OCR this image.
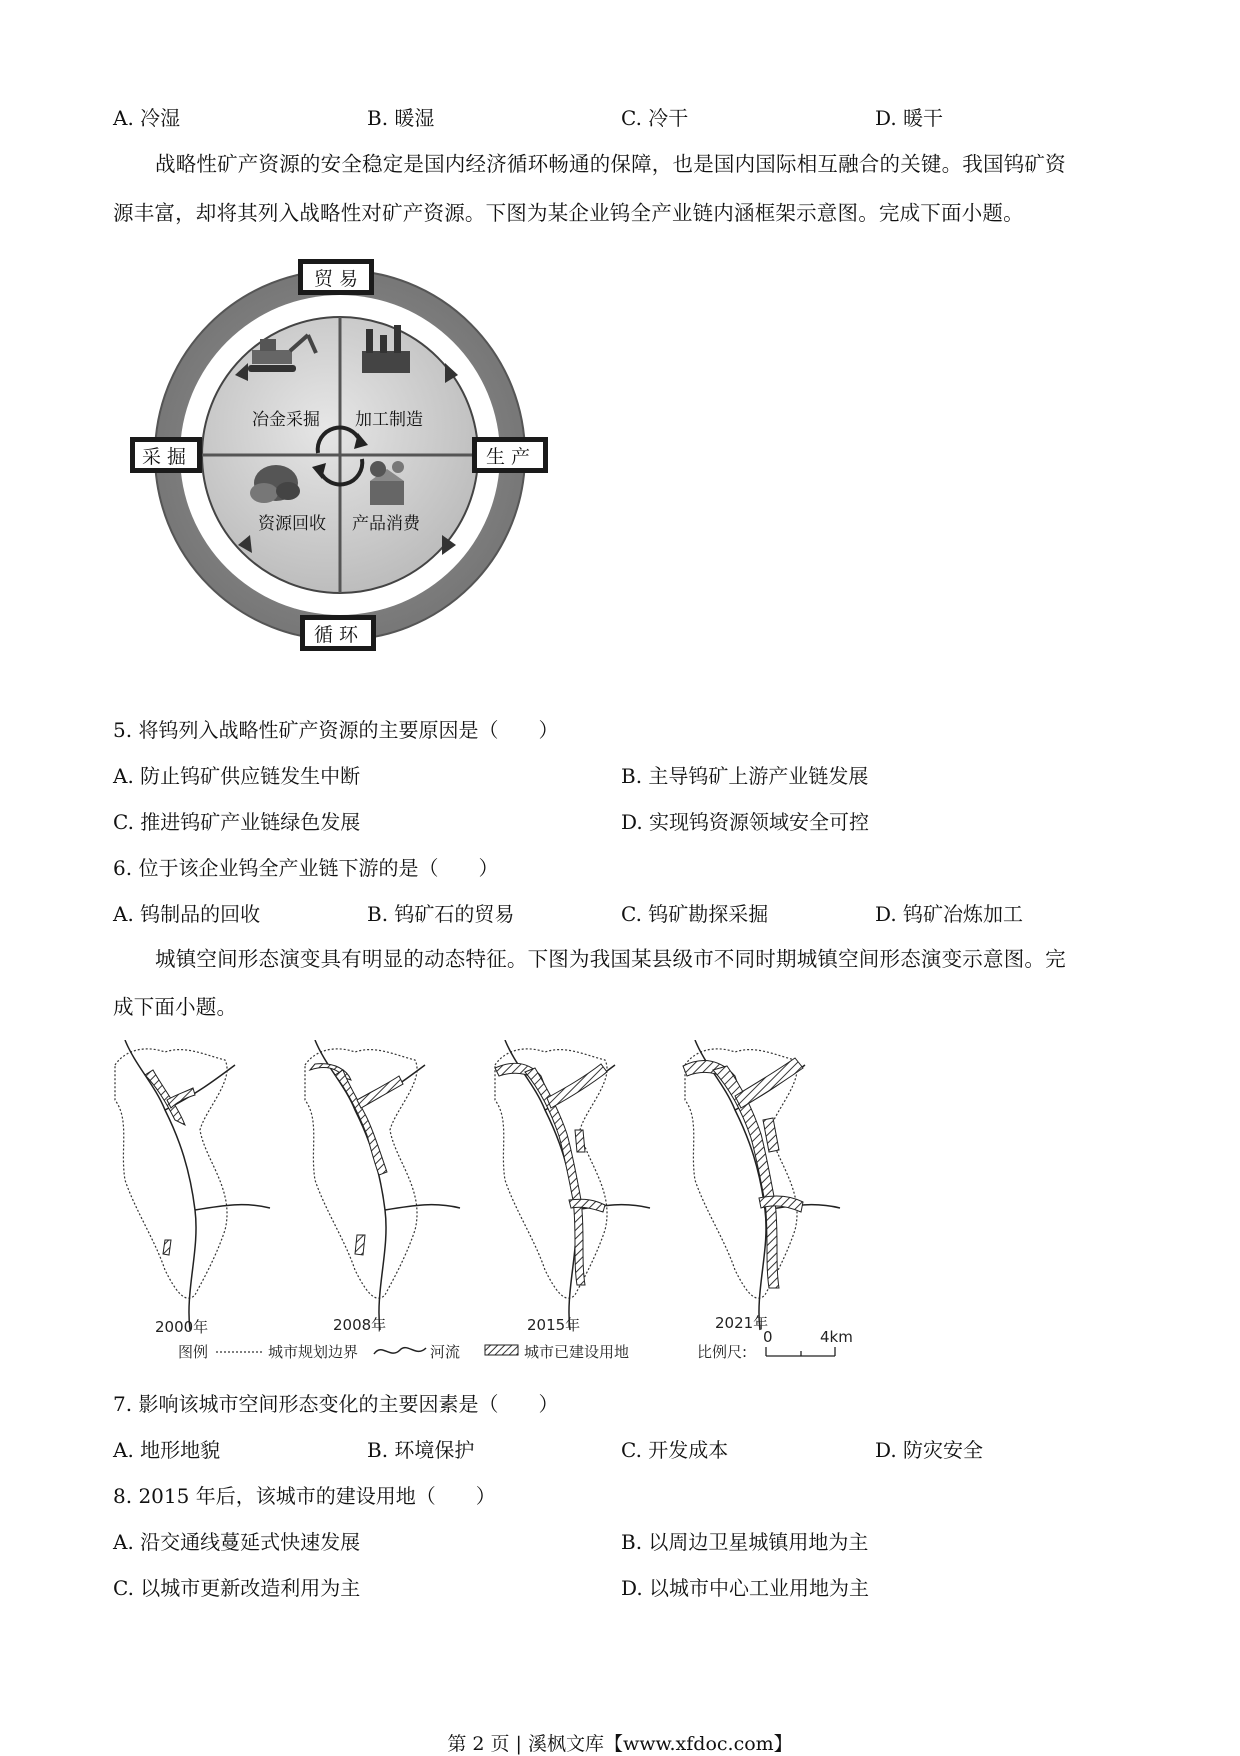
A. 冷湿	B. 暖湿	C. 冷干	D. 暖干
战略性矿产资源的安全稳定是国内经济循环畅通的保障，也是国内国际相互融合的关键。我国钨矿资
源丰富，却将其列入战略性对矿产资源。下图为某企业钨全产业链内涵框架示意图。完成下面小题。
冶金采掘 加工制造
资源回收 产品消费
贸 易
采 掘	生 产
循 环
5. 将钨列入战略性矿产资源的主要原因是（　　）
A. 防止钨矿供应链发生中断	B. 主导钨矿上游产业链发展
C. 推进钨矿产业链绿色发展	D. 实现钨资源领域安全可控
6. 位于该企业钨全产业链下游的是（　　）
A. 钨制品的回收	B. 钨矿石的贸易	C. 钨矿勘探采掘	D. 钨矿冶炼加工
城镇空间形态演变具有明显的动态特征。下图为我国某县级市不同时期城镇空间形态演变示意图。完
成下面小题。
2000年	2008年	2015年	2021年
图例	城市规划边界	河流	城市已建设用地	比例尺:
0	4km
7. 影响该城市空间形态变化的主要因素是（　　）
A. 地形地貌	B. 环境保护	C. 开发成本	D. 防灾安全
8. 2015 年后，该城市的建设用地（　　）
A. 沿交通线蔓延式快速发展	B. 以周边卫星城镇用地为主
C. 以城市更新改造利用为主	D. 以城市中心工业用地为主
第 2 页 | 溪枫文库【www.xfdoc.com】
